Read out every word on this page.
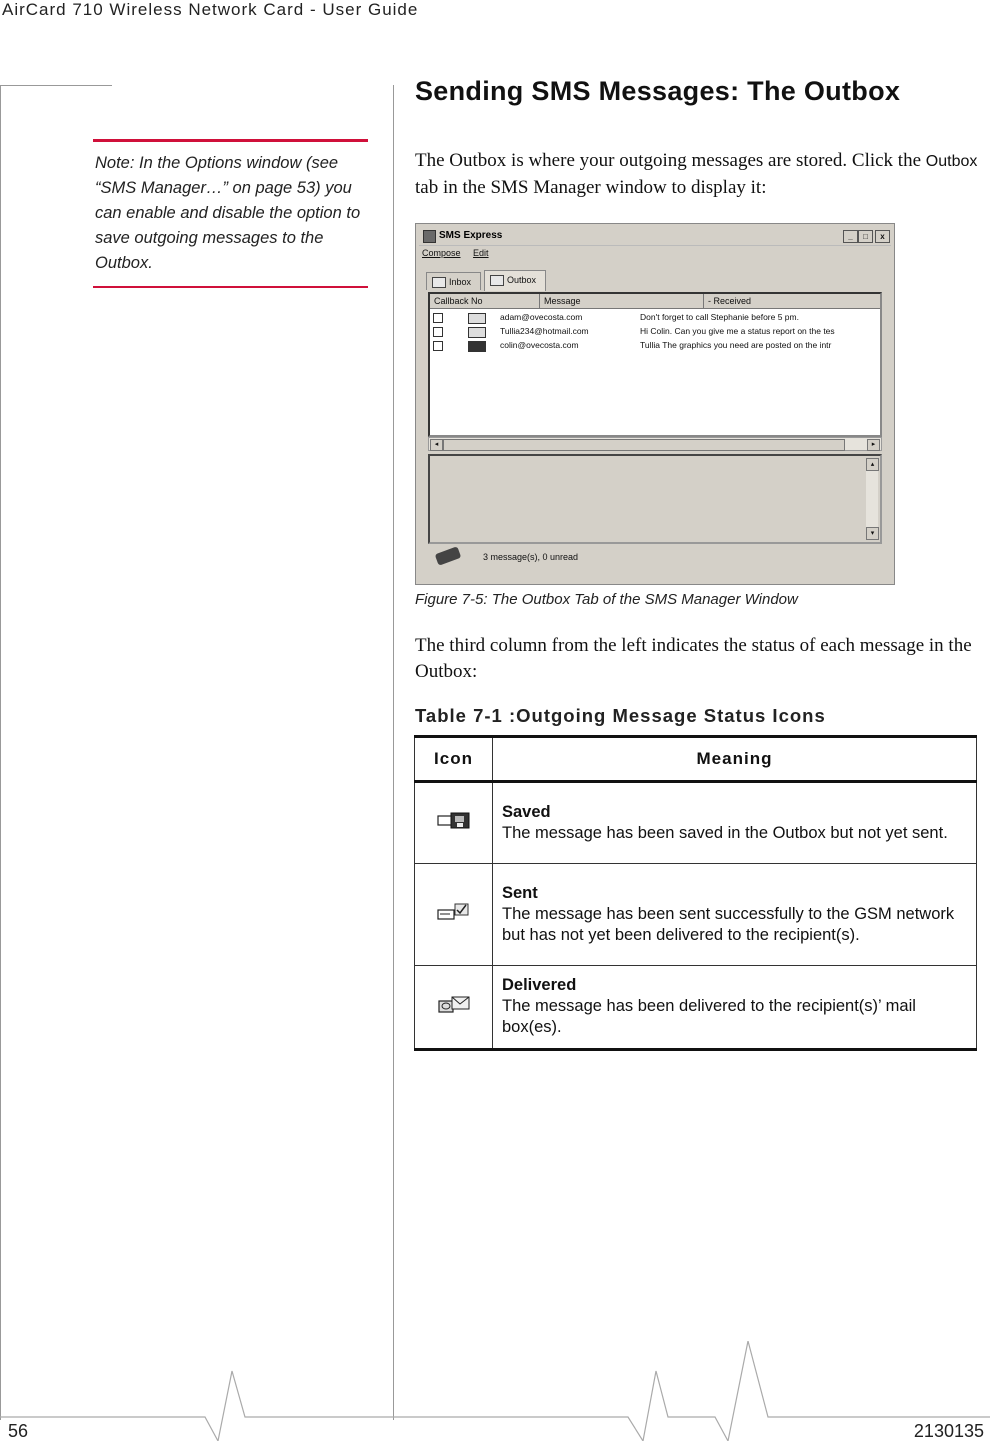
AirCard 710 Wireless Network Card - User Guide
Note: In the Options window (see “SMS Manager…” on page 53) you can enable and disable the option to save outgoing messages to the Outbox.
Sending SMS Messages: The Outbox
The Outbox is where your outgoing messages are stored. Click the Outbox tab in the SMS Manager window to display it:
SMS Express	_	□	x
Compose Edit
Inbox	Outbox
Callback No	Message	- Received
adam@ovecosta.com	Don't forget to call Stephanie before 5 pm.
Tullia234@hotmail.com	Hi Colin. Can you give me a status report on the tes
colin@ovecosta.com	Tullia The graphics you need are posted on the intr
◂	▸
▴
▾
3 message(s), 0 unread
Figure 7-5: The Outbox Tab of the SMS Manager Window
The third column from the left indicates the status of each message in the Outbox:
Table 7-1 :Outgoing Message Status Icons
Icon	Meaning

Saved
The message has been saved in the Outbox but not yet sent.

Sent
The message has been sent successfully to the GSM network but has not yet been delivered to the recipient(s).

Delivered
The message has been delivered to the recipient(s)’ mail box(es).
56	2130135
